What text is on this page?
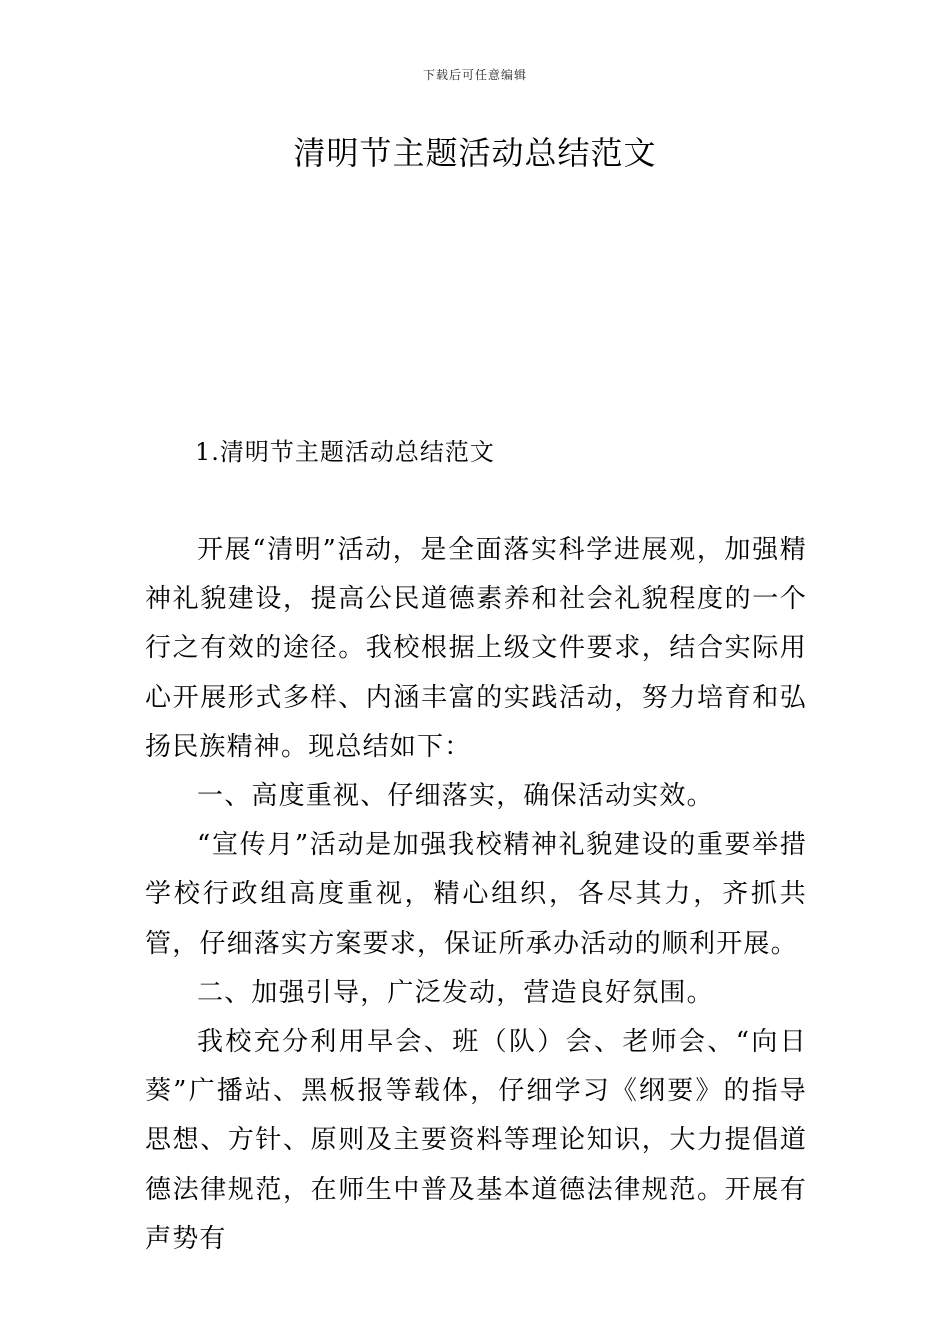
下载后可任意编辑
清明节主题活动总结范文
1.清明节主题活动总结范文

开展“清明”活动，是全面落实科学进展观，加强精神礼貌建设，提高公民道德素养和社会礼貌程度的一个行之有效的途径。我校根据上级文件要求，结合实际用心开展形式多样、内涵丰富的实践活动，努力培育和弘扬民族精神。现总结如下：

一、高度重视、仔细落实，确保活动实效。

“宣传月”活动是加强我校精神礼貌建设的重要举措学校行政组高度重视，精心组织，各尽其力，齐抓共管，仔细落实方案要求，保证所承办活动的顺利开展。

二、加强引导，广泛发动，营造良好氛围。

我校充分利用早会、班（队）会、老师会、“向日葵”广播站、黑板报等载体，仔细学习《纲要》的指导思想、方针、原则及主要资料等理论知识，大力提倡道德法律规范，在师生中普及基本道德法律规范。开展有声势有
